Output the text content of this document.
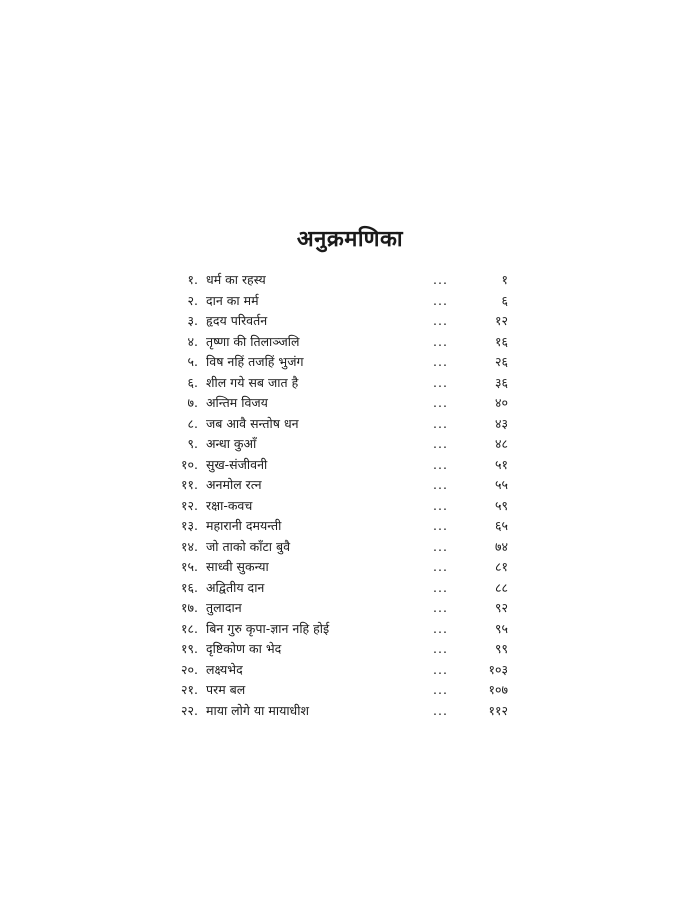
अनुक्रमणिका
१. धर्म का रहस्य	...	१
२. दान का मर्म	...	६
३. हृदय परिवर्तन	...	१२
४. तृष्णा की तिलाञ्जलि	...	१६
५. विष नहिं तजहिं भुजंग	...	२६
६. शील गये सब जात है	...	३६
७. अन्तिम विजय	...	४०
८. जब आवै सन्तोष धन	...	४३
९. अन्धा कुआँ	...	४८
१०. सुख-संजीवनी	...	५१
११. अनमोल रत्न	...	५५
१२. रक्षा-कवच	...	५९
१३. महारानी दमयन्ती	...	६५
१४. जो ताको काँटा बुवै	...	७४
१५. साध्वी सुकन्या	...	८१
१६. अद्वितीय दान	...	८८
१७. तुलादान	...	९२
१८. बिन गुरु कृपा-ज्ञान नहि होई	...	९५
१९. दृष्टिकोण का भेद	...	९९
२०. लक्ष्यभेद	...	१०३
२१. परम बल	...	१०७
२२. माया लोगे या मायाधीश	...	११२
